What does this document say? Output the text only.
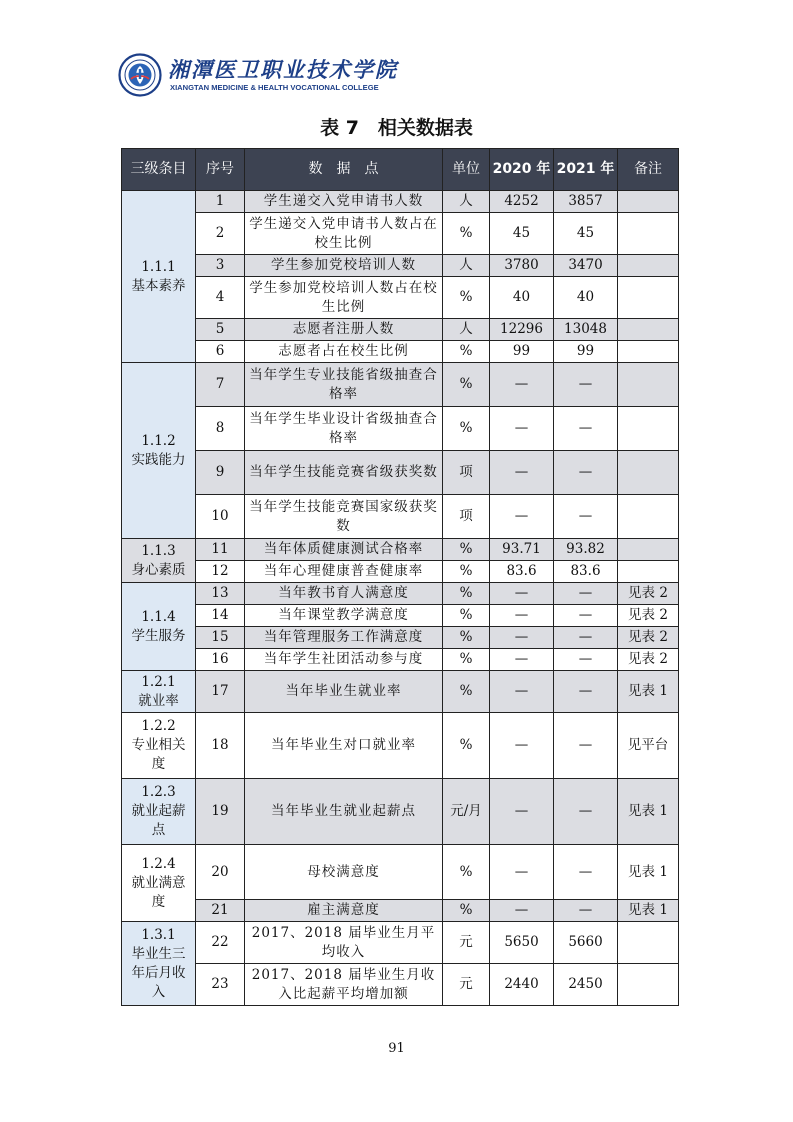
湘潭医卫职业技术学院
XIANGTAN MEDICINE & HEALTH VOCATIONAL COLLEGE
表 7　相关数据表
三级条目	序号	数　据　点	单位	2020 年	2021 年	备注

1.1.1
基本素养	1	学生递交入党申请书人数	人	4252	3857	
	2	学生递交入党申请书人数占在校生比例	%	45	45	
	3	学生参加党校培训人数	人	3780	3470	
	4	学生参加党校培训人数占在校生比例	%	40	40	
	5	志愿者注册人数	人	12296	13048	
	6	志愿者占在校生比例	%	99	99	

1.1.2
实践能力	7	当年学生专业技能省级抽查合格率	%	—	—	
	8	当年学生毕业设计省级抽查合格率	%	—	—	
	9	当年学生技能竞赛省级获奖数	项	—	—	
	10	当年学生技能竞赛国家级获奖数	项	—	—	

1.1.3
身心素质	11	当年体质健康测试合格率	%	93.71	93.82	
	12	当年心理健康普查健康率	%	83.6	83.6	

1.1.4
学生服务	13	当年教书育人满意度	%	—	—	见表 2
	14	当年课堂教学满意度	%	—	—	见表 2
	15	当年管理服务工作满意度	%	—	—	见表 2
	16	当年学生社团活动参与度	%	—	—	见表 2

1.2.1
就业率	17	当年毕业生就业率	%	—	—	见表 1

1.2.2
专业相关
度	18	当年毕业生对口就业率	%	—	—	见平台

1.2.3
就业起薪
点	19	当年毕业生就业起薪点	元/月	—	—	见表 1

1.2.4
就业满意
度	20	母校满意度	%	—	—	见表 1
	21	雇主满意度	%	—	—	见表 1

1.3.1
毕业生三
年后月收
入	22	2017、2018 届毕业生月平均收入	元	5650	5660	
	23	2017、2018 届毕业生月收入比起薪平均增加额	元	2440	2450	
91
